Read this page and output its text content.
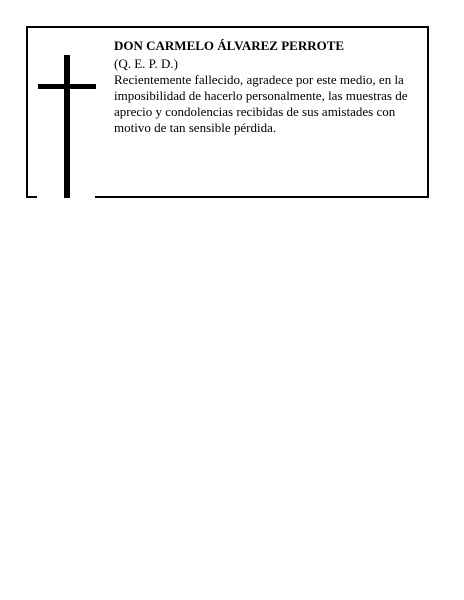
DON CARMELO ÁLVAREZ PERROTE
(Q. E. P. D.)
Recientemente fallecido, agradece por este medio, en la imposibilidad de hacerlo personalmente, las muestras de aprecio y condolencias recibidas de sus amistades con motivo de tan sensible pérdida.
